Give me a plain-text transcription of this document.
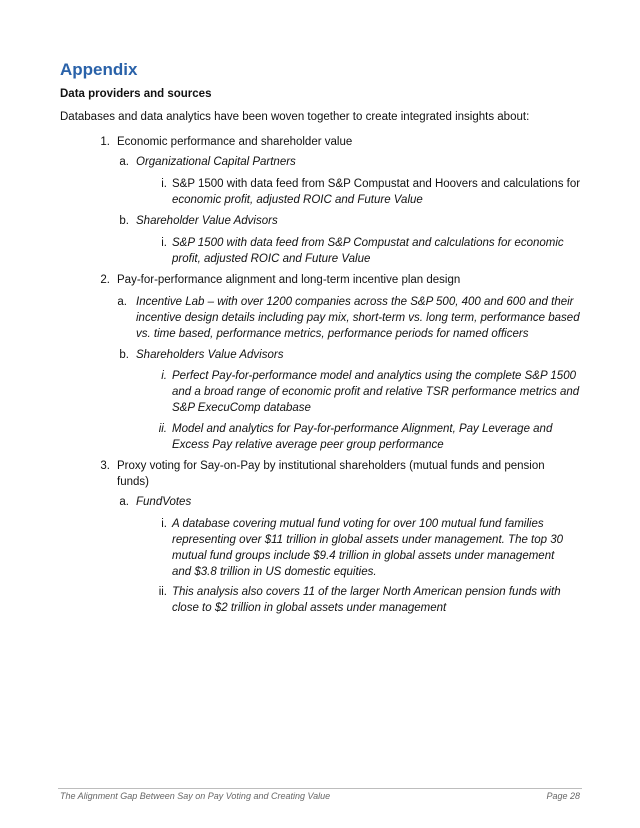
Appendix
Data providers and sources
Databases and data analytics have been woven together to create integrated insights about:
1. Economic performance and shareholder value
a. Organizational Capital Partners
i. S&P 1500 with data feed from S&P Compustat and Hoovers and calculations for
economic profit, adjusted ROIC and Future Value
b. Shareholder Value Advisors
i. S&P 1500 with data feed from S&P Compustat and calculations for economic
profit, adjusted ROIC and Future Value
2. Pay-for-performance alignment and long-term incentive plan design
a. Incentive Lab – with over 1200 companies across the S&P 500, 400 and 600 and their
incentive design details including pay mix, short-term vs. long term, performance based
vs. time based, performance metrics, performance periods for named officers
b. Shareholders Value Advisors
i. Perfect Pay-for-performance model and analytics using the complete S&P 1500
and a broad range of economic profit and relative TSR performance metrics and
S&P ExecuComp database
ii. Model and analytics for Pay-for-performance Alignment, Pay Leverage and
Excess Pay relative average peer group performance
3. Proxy voting for Say-on-Pay by institutional shareholders (mutual funds and pension
funds)
a. FundVotes
i. A database covering mutual fund voting for over 100 mutual fund families
representing over $11 trillion in global assets under management. The top 30
mutual fund groups include $9.4 trillion in global assets under management
and $3.8 trillion in US domestic equities.
ii. This analysis also covers 11 of the larger North American pension funds with
close to $2 trillion in global assets under management
The Alignment Gap Between Say on Pay Voting and Creating Value	Page 28
